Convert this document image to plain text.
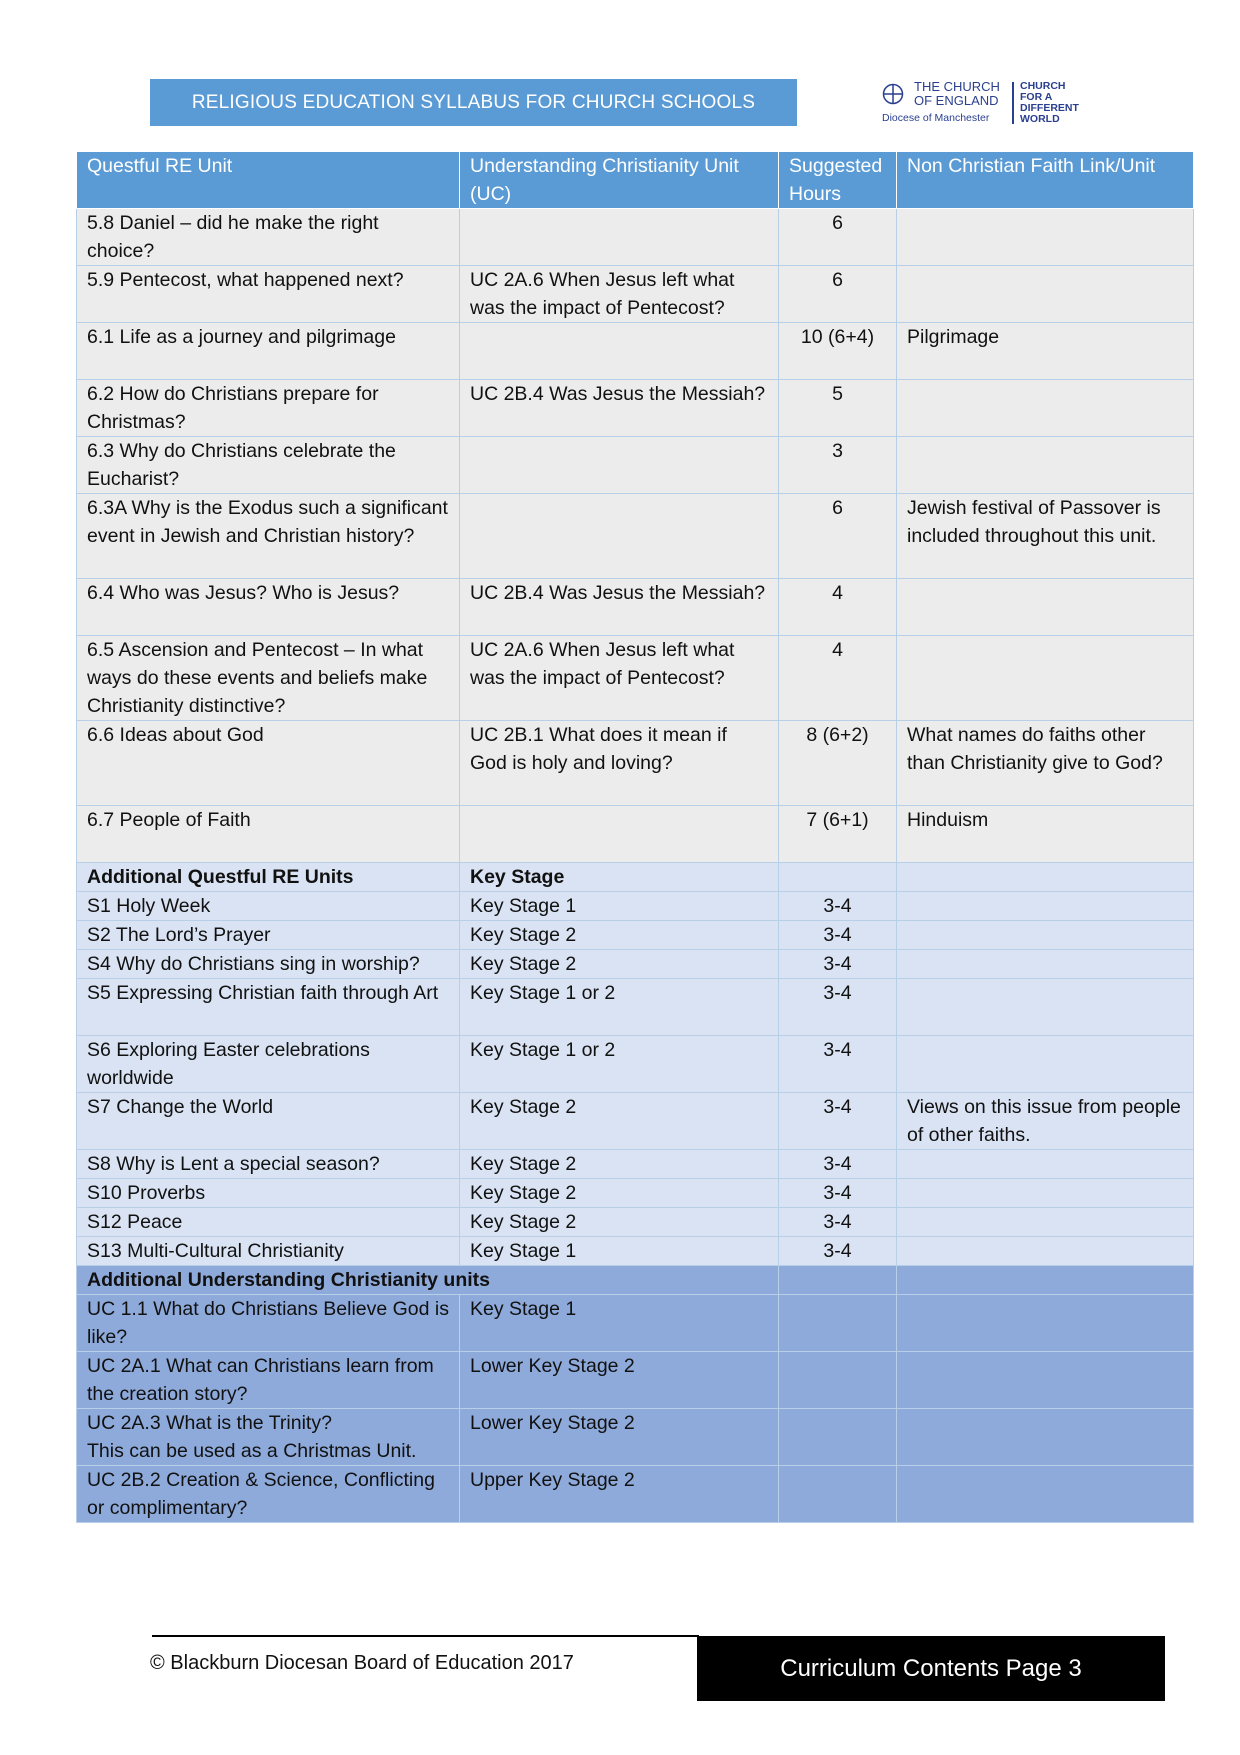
RELIGIOUS EDUCATION SYLLABUS FOR CHURCH SCHOOLS
THE CHURCH
OF ENGLAND
Diocese of Manchester
CHURCH
FOR A
DIFFERENT
WORLD
Questful RE Unit	Understanding Christianity Unit (UC)	Suggested Hours	Non Christian Faith Link/Unit
5.8 Daniel – did he make the right choice?		6	
5.9 Pentecost, what happened next?	UC 2A.6 When Jesus left what was the impact of Pentecost?	6	
6.1 Life as a journey and pilgrimage		10 (6+4)	Pilgrimage
6.2 How do Christians prepare for Christmas?	UC 2B.4 Was Jesus the Messiah?	5	
6.3 Why do Christians celebrate the Eucharist?		3	
6.3A Why is the Exodus such a significant event in Jewish and Christian history?		6	Jewish festival of Passover is included throughout this unit.
6.4 Who was Jesus? Who is Jesus?	UC 2B.4 Was Jesus the Messiah?	4	
6.5 Ascension and Pentecost – In what ways do these events and beliefs make Christianity distinctive?	UC 2A.6 When Jesus left what was the impact of Pentecost?	4	
6.6 Ideas about God	UC 2B.1 What does it mean if God is holy and loving?	8 (6+2)	What names do faiths other than Christianity give to God?
6.7 People of Faith		7 (6+1)	Hinduism
Additional Questful RE Units	Key Stage		
S1 Holy Week	Key Stage 1	3-4	
S2 The Lord’s Prayer	Key Stage 2	3-4	
S4 Why do Christians sing in worship?	Key Stage 2	3-4	
S5 Expressing Christian faith through Art	Key Stage 1 or 2	3-4	
S6 Exploring Easter celebrations worldwide	Key Stage 1 or 2	3-4	
S7 Change the World	Key Stage 2	3-4	Views on this issue from people of other faiths.
S8 Why is Lent a special season?	Key Stage 2	3-4	
S10 Proverbs	Key Stage 2	3-4	
S12 Peace	Key Stage 2	3-4	
S13 Multi-Cultural Christianity	Key Stage 1	3-4	
Additional Understanding Christianity units			
UC 1.1 What do Christians Believe God is like?	Key Stage 1		
UC 2A.1 What can Christians learn from the creation story?	Lower Key Stage 2		

UC 2A.3 What is the Trinity?
This can be used as a Christmas Unit.	Lower Key Stage 2		
UC 2B.2 Creation & Science, Conflicting or complimentary?	Upper Key Stage 2		
© Blackburn Diocesan Board of Education 2017	Curriculum Contents Page 3
